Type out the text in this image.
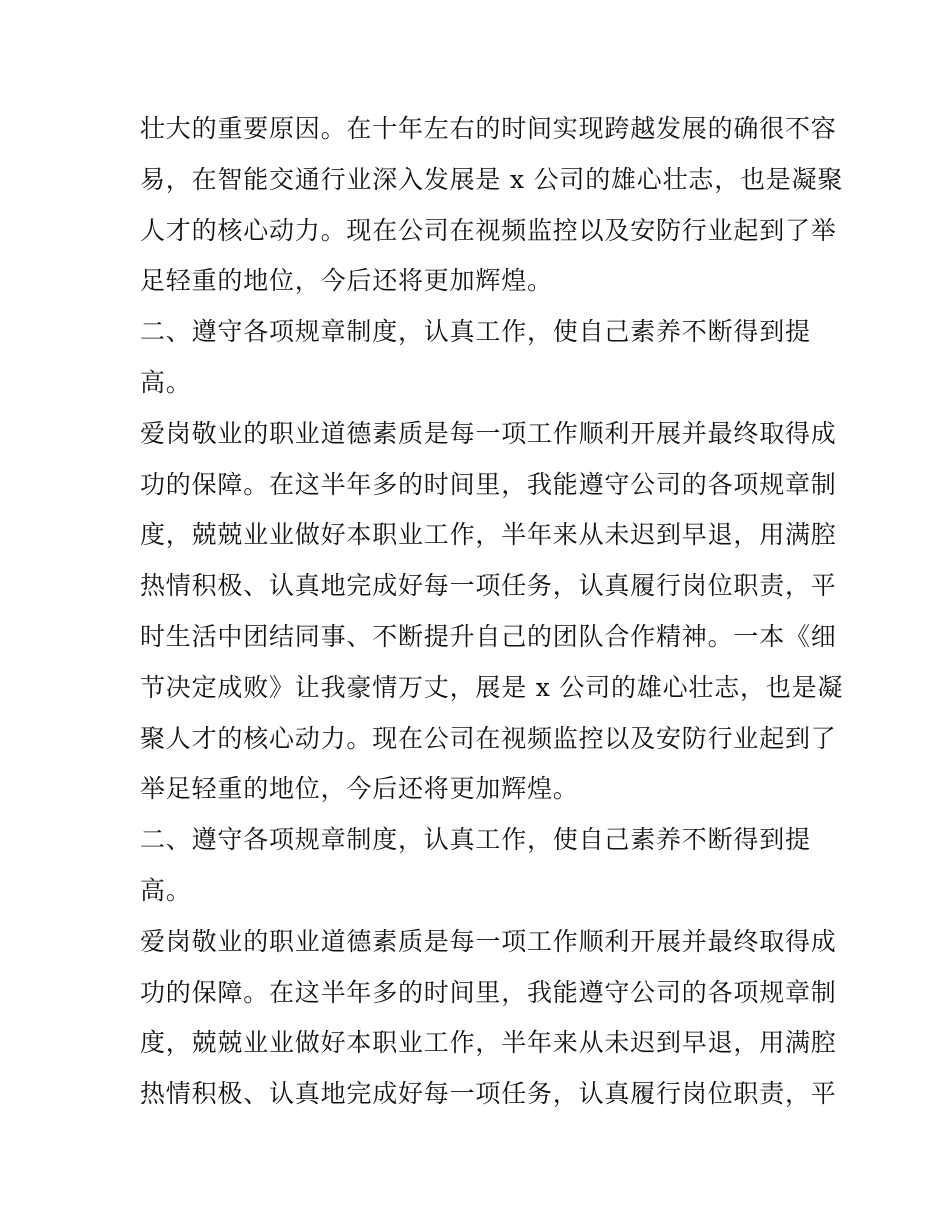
壮大的重要原因。在十年左右的时间实现跨越发展的确很不容
易，在智能交通行业深入发展是 x 公司的雄心壮志，也是凝聚
人才的核心动力。现在公司在视频监控以及安防行业起到了举
足轻重的地位，今后还将更加辉煌。
二、遵守各项规章制度，认真工作，使自己素养不断得到提
高。
爱岗敬业的职业道德素质是每一项工作顺利开展并最终取得成
功的保障。在这半年多的时间里，我能遵守公司的各项规章制
度，兢兢业业做好本职业工作，半年来从未迟到早退，用满腔
热情积极、认真地完成好每一项任务，认真履行岗位职责，平
时生活中团结同事、不断提升自己的团队合作精神。一本《细
节决定成败》让我豪情万丈，展是 x 公司的雄心壮志，也是凝
聚人才的核心动力。现在公司在视频监控以及安防行业起到了
举足轻重的地位，今后还将更加辉煌。
二、遵守各项规章制度，认真工作，使自己素养不断得到提
高。
爱岗敬业的职业道德素质是每一项工作顺利开展并最终取得成
功的保障。在这半年多的时间里，我能遵守公司的各项规章制
度，兢兢业业做好本职业工作，半年来从未迟到早退，用满腔
热情积极、认真地完成好每一项任务，认真履行岗位职责，平
